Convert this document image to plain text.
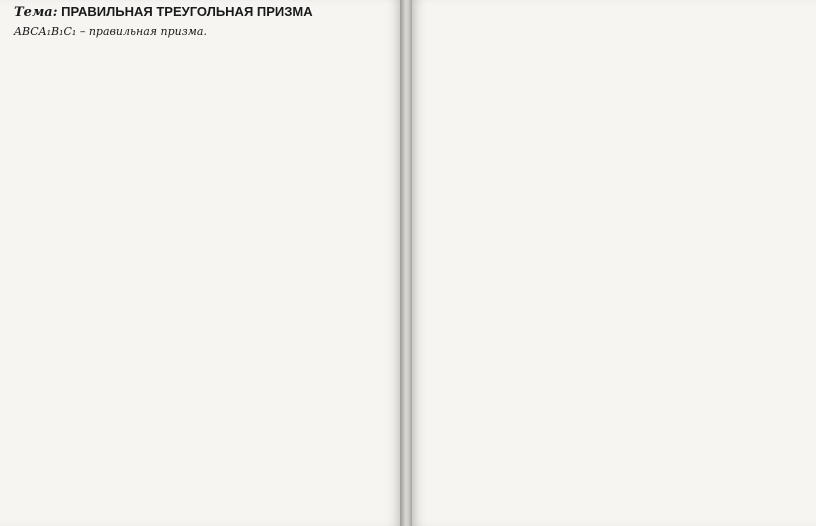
Тема: ПРАВИЛЬНАЯ ТРЕУГОЛЬНАЯ ПРИЗМА
ABCA₁B₁C₁ – правильная призма.
